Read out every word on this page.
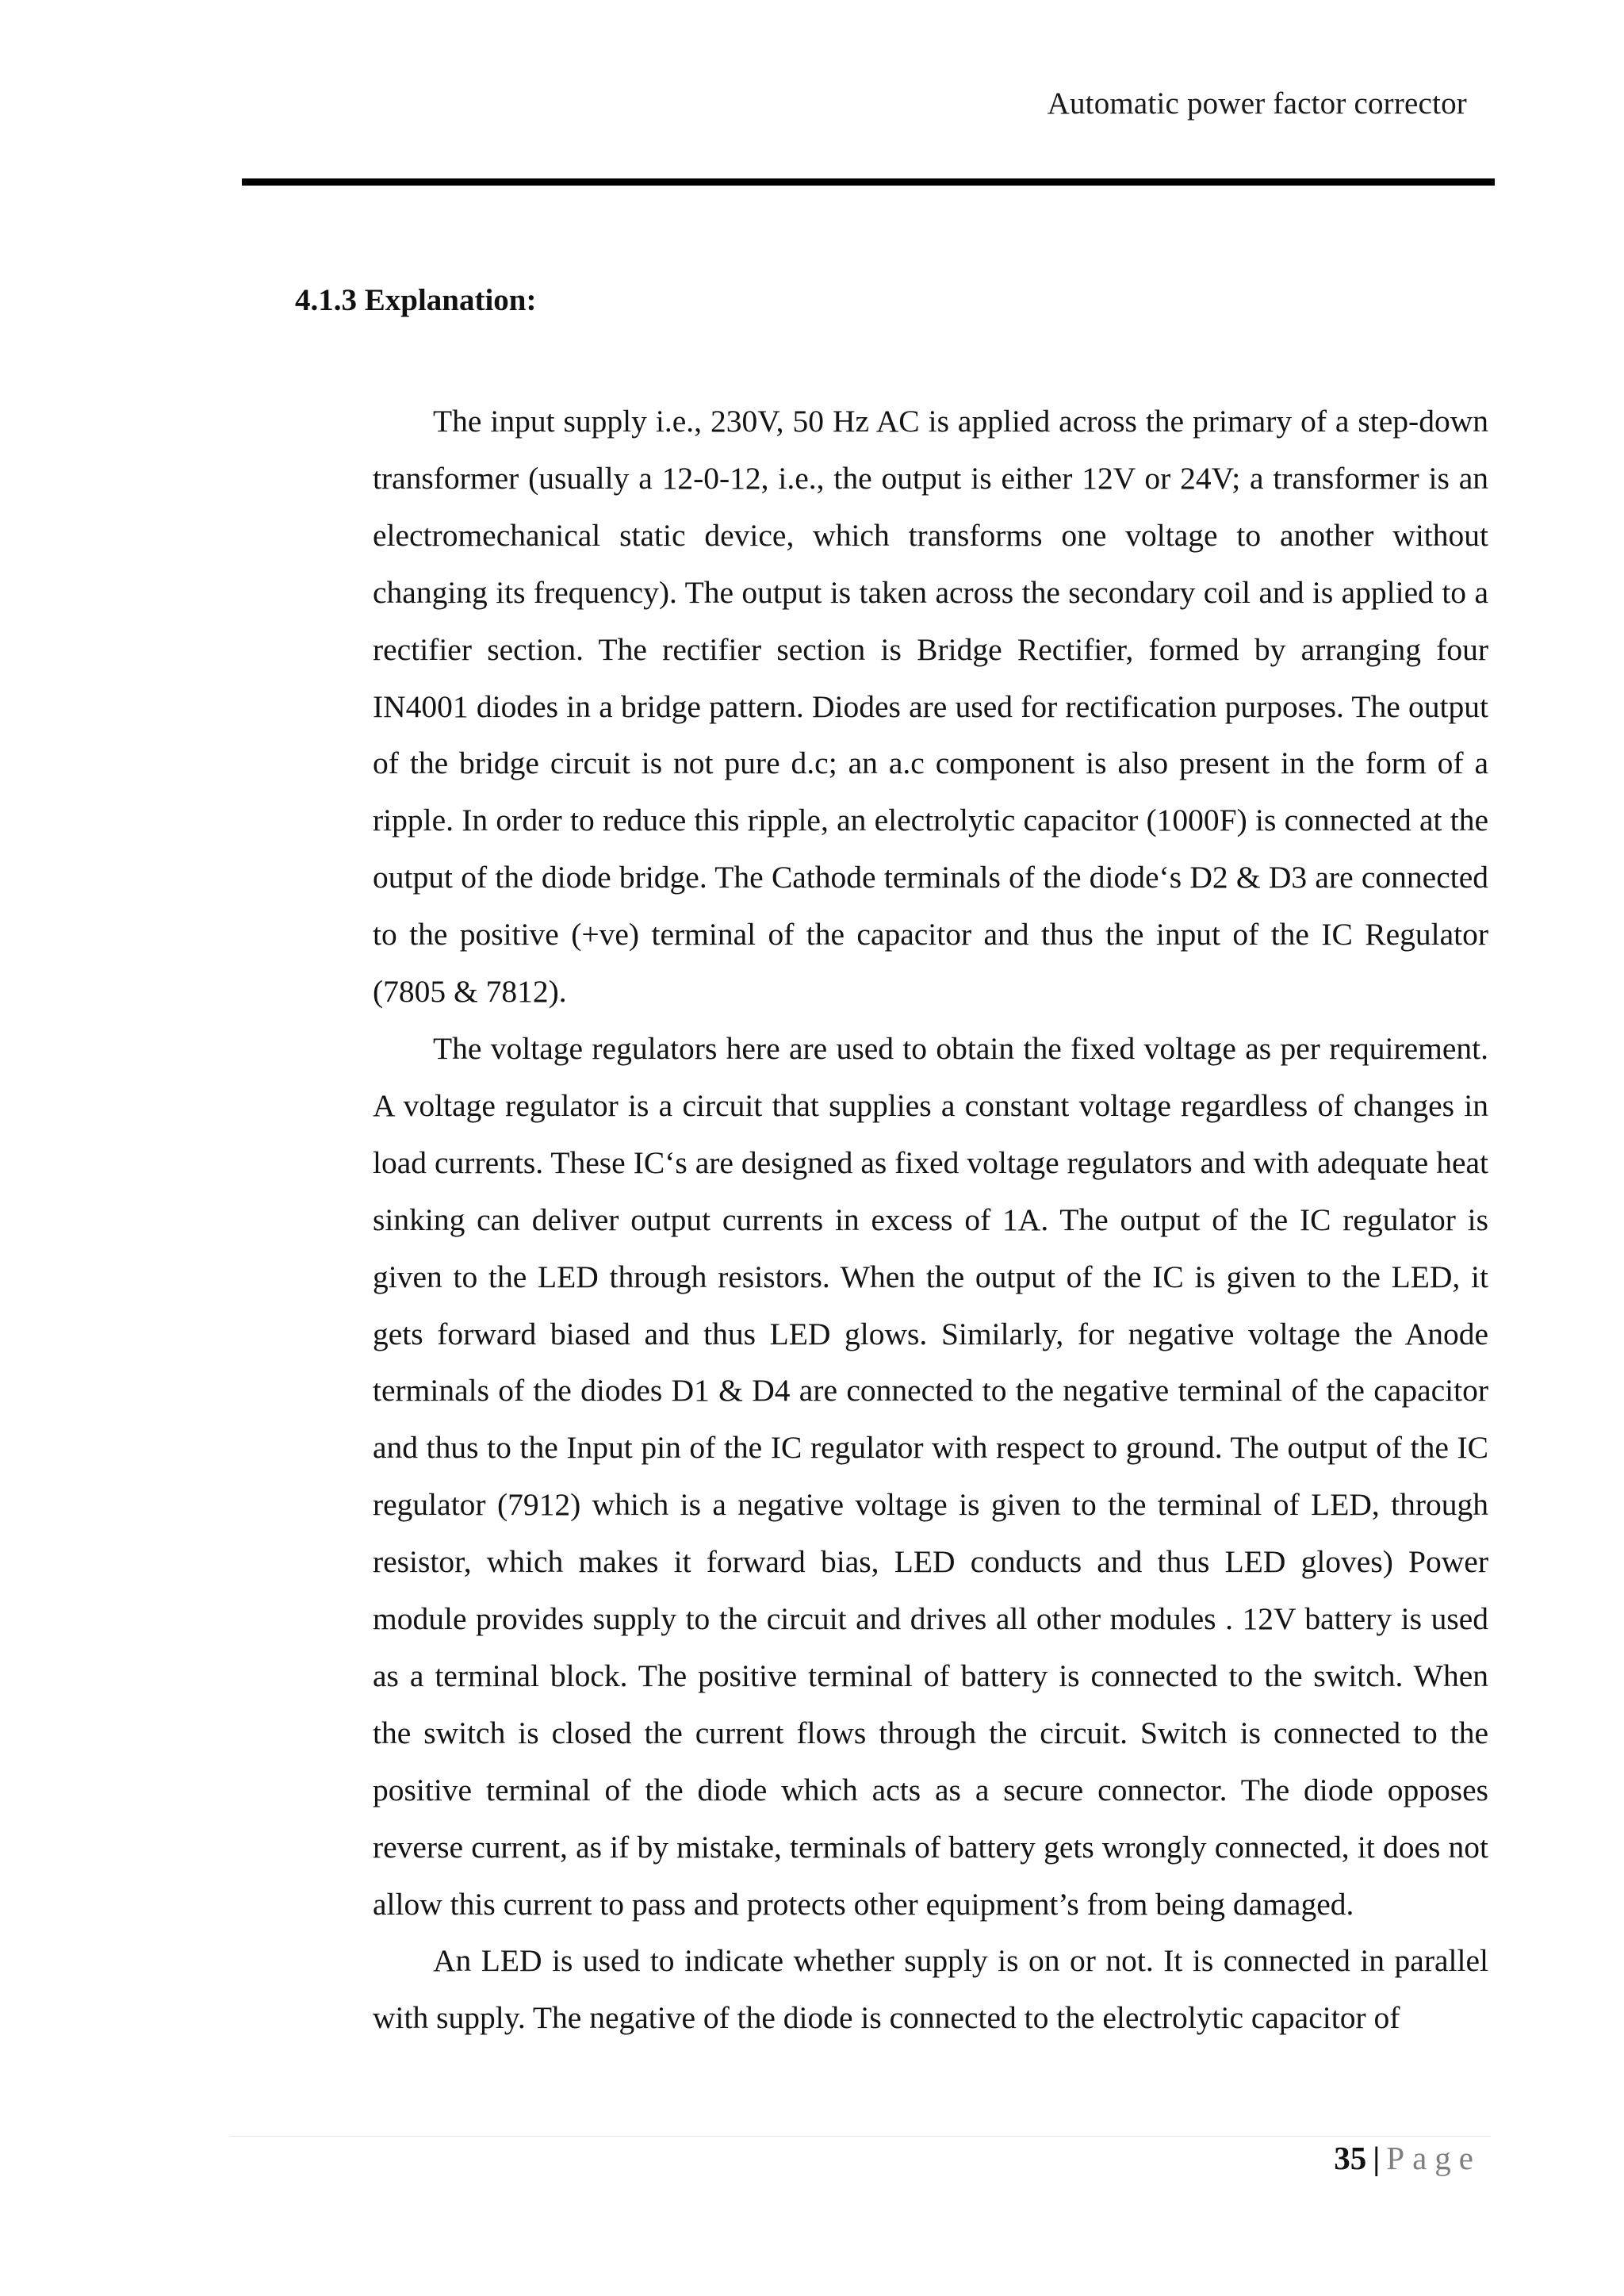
Automatic power factor corrector
4.1.3 Explanation:

The input supply i.e., 230V, 50 Hz AC is applied across the primary of a step-down transformer (usually a 12-0-12, i.e., the output is either 12V or 24V; a transformer is an electromechanical static device, which transforms one voltage to another without changing its frequency). The output is taken across the secondary coil and is applied to a rectifier section. The rectifier section is Bridge Rectifier, formed by arranging four IN4001 diodes in a bridge pattern. Diodes are used for rectification purposes. The output of the bridge circuit is not pure d.c; an a.c component is also present in the form of a ripple. In order to reduce this ripple, an electrolytic capacitor (1000F) is connected at the output of the diode bridge. The Cathode terminals of the diode‘s D2 & D3 are connected to the positive (+ve) terminal of the capacitor and thus the input of the IC Regulator (7805 & 7812).

The voltage regulators here are used to obtain the fixed voltage as per requirement. A voltage regulator is a circuit that supplies a constant voltage regardless of changes in load currents. These IC‘s are designed as fixed voltage regulators and with adequate heat sinking can deliver output currents in excess of 1A. The output of the IC regulator is given to the LED through resistors. When the output of the IC is given to the LED, it gets forward biased and thus LED glows. Similarly, for negative voltage the Anode terminals of the diodes D1 & D4 are connected to the negative terminal of the capacitor and thus to the Input pin of the IC regulator with respect to ground. The output of the IC regulator (7912) which is a negative voltage is given to the terminal of LED, through resistor, which makes it forward bias, LED conducts and thus LED gloves) Power module provides supply to the circuit and drives all other modules . 12V battery is used as a terminal block. The positive terminal of battery is connected to the switch. When the switch is closed the current flows through the circuit. Switch is connected to the positive terminal of the diode which acts as a secure connector. The diode opposes reverse current, as if by mistake, terminals of battery gets wrongly connected, it does not allow this current to pass and protects other equipment’s from being damaged.

An LED is used to indicate whether supply is on or not. It is connected in parallel with supply. The negative of the diode is connected to the electrolytic capacitor of

35 | Page
